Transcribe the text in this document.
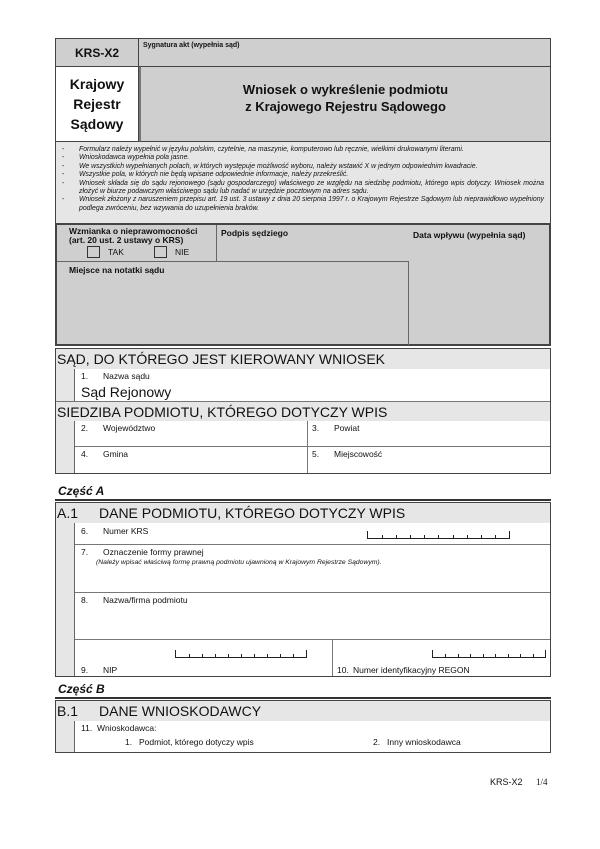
KRS-X2	Sygnatura akt (wypełnia sąd)
Krajowy
Rejestr
Sądowy
Wniosek o wykreślenie podmiotu
z Krajowego Rejestru Sądowego
-	Formularz należy wypełnić w języku polskim, czytelnie, na maszynie, komputerowo lub ręcznie, wielkimi drukowanymi literami.
-	Wnioskodawca wypełnia pola jasne.
-	We wszystkich wypełnianych polach, w których występuje możliwość wyboru, należy wstawić X w jednym odpowiednim kwadracie.
-	Wszystkie pola, w których nie będą wpisane odpowiednie informacje, należy przekreślić.
-	Wniosek składa się do sądu rejonowego (sądu gospodarczego) właściwego ze względu na siedzibę podmiotu, którego wpis dotyczy. Wniosek można złożyć w biurze podawczym właściwego sądu lub nadać w urzędzie pocztowym na adres sądu.
-	Wniosek złożony z naruszeniem przepisu art. 19 ust. 3 ustawy z dnia 20 sierpnia 1997 r. o Krajowym Rejestrze Sądowym lub nieprawidłowo wypełniony podlega zwróceniu, bez wzywania do uzupełnienia braków.
Wzmianka o nieprawomocności
(art. 20 ust. 2 ustawy o KRS)
TAK	NIE
Podpis sędziego
Miejsce na notatki sądu
Data wpływu (wypełnia sąd)
SĄD, DO KTÓREGO JEST KIEROWANY WNIOSEK
1. Nazwa sądu
Sąd Rejonowy
SIEDZIBA PODMIOTU, KTÓREGO DOTYCZY WPIS
2. Województwo	3. Powiat
4. Gmina	5. Miejscowość
Część A
A.1 DANE PODMIOTU, KTÓREGO DOTYCZY WPIS
6. Numer KRS
7. Oznaczenie formy prawnej
(Należy wpisać właściwą formę prawną podmiotu ujawnioną w Krajowym Rejestrze Sądowym).
8. Nazwa/firma podmiotu
9. NIP	10. Numer identyfikacyjny REGON
Część B
B.1 DANE WNIOSKODAWCY
11. Wnioskodawca:
1. Podmiot, którego dotyczy wpis	2. Inny wnioskodawca
KRS-X2 1/4
